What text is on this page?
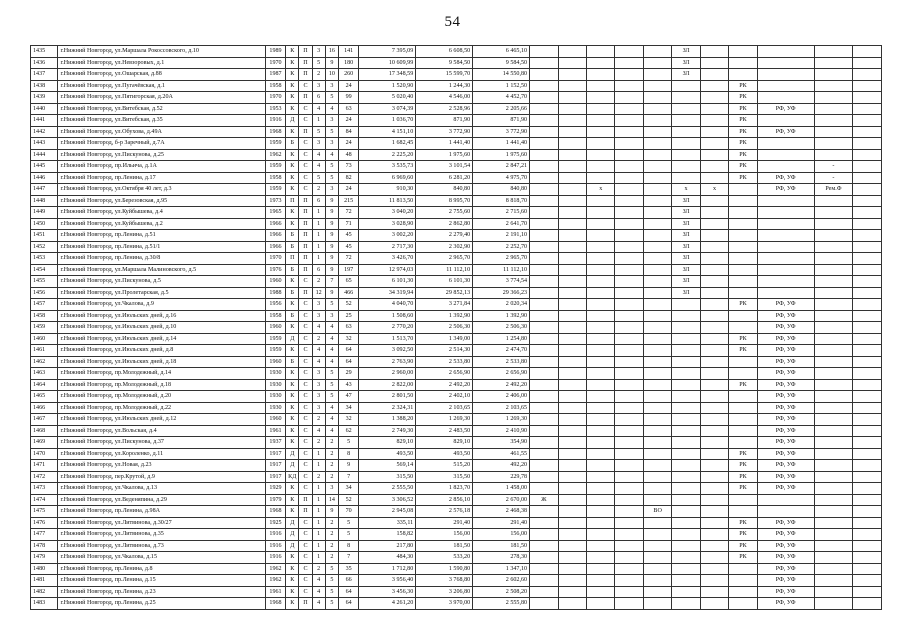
54
1435	г.Нижний Новгород, ул.Маршала Рокоссовского, д.10	1989	К	П	3	16	141	7 395,09	6 608,50	6 465,10						ЗЛ					
1436	г.Нижний Новгород, ул.Невзоровых, д.1	1970	К	П	5	9	180	10 609,99	9 584,50	9 584,50						ЗЛ					
1437	г.Нижний Новгород, ул.Ошарская, д.88	1987	К	П	2	10	260	17 348,59	15 599,70	14 550,80						ЗЛ					
1438	г.Нижний Новгород, ул.Пугачёвская, д.1	1958	К	С	3	3	24	1 520,90	1 244,30	1 152,50								РК			
1439	г.Нижний Новгород, ул.Пятигорская, д.20А	1970	К	П	6	5	99	5 020,40	4 546,00	4 452,70								РК			
1440	г.Нижний Новгород, ул.Витебская, д.52	1953	К	С	4	4	63	3 074,39	2 528,96	2 205,66								РК	РФ, УФ		
1441	г.Нижний Новгород, ул.Витебская, д.35	1916	Д	С	1	3	24	1 036,70	871,90	871,90								РК			
1442	г.Нижний Новгород, ул.Обухова, д.49А	1968	К	П	5	5	84	4 151,10	3 772,90	3 772,90								РК	РФ, УФ		
1443	г.Нижний Новгород, б-р Заречный, д.7А	1959	Б	С	3	3	24	1 682,45	1 441,40	1 441,40								РК			
1444	г.Нижний Новгород, ул.Пискунова, д.25	1962	К	С	4	4	48	2 225,20	1 975,60	1 975,60								РК			
1445	г.Нижний Новгород, пр.Ильича, д.1А	1959	К	С	4	5	73	3 535,73	3 101,54	2 847,21								РК		-	
1446	г.Нижний Новгород, пр.Ленина, д.17	1958	К	С	5	5	82	6 969,60	6 281,20	4 975,70								РК	РФ, УФ	-	
1447	г.Нижний Новгород, ул.Октября 40 лет, д.3	1959	К	С	2	3	24	910,30	840,80	840,80			х			х	х		РФ, УФ	Рем.Ф	
1448	г.Нижний Новгород, ул.Березовская, д.95	1973	П	П	6	9	215	11 813,50	8 995,70	8 818,70						ЗЛ					
1449	г.Нижний Новгород, ул.Куйбышева, д.4	1965	К	П	1	9	72	3 040,20	2 755,60	2 715,60						ЗЛ					
1450	г.Нижний Новгород, ул.Куйбышева, д.2	1966	К	П	1	9	71	3 028,90	2 862,80	2 641,70						ЗЛ					
1451	г.Нижний Новгород, пр.Ленина, д.51	1966	Б	П	1	9	45	3 002,20	2 279,40	2 191,10						ЗЛ					
1452	г.Нижний Новгород, пр.Ленина, д.51/1	1966	Б	П	1	9	45	2 717,30	2 302,90	2 252,70						ЗЛ					
1453	г.Нижний Новгород, пр.Ленина, д.30/8	1970	П	П	1	9	72	3 426,70	2 965,70	2 965,70						ЗЛ					
1454	г.Нижний Новгород, ул.Маршала Малиновского, д.5	1976	Б	П	6	9	197	12 974,03	11 112,10	11 112,10						ЗЛ					
1455	г.Нижний Новгород, ул.Пискунова, д.5	1960	К	С	2	7	65	6 101,30	6 101,30	3 774,54						ЗЛ					
1456	г.Нижний Новгород, ул.Пролетарская, д.5	1988	Б	П	12	9	466	34 319,94	29 852,13	29 366,23						ЗЛ					
1457	г.Нижний Новгород, ул.Чкалова, д.9	1956	К	С	3	5	52	4 040,70	3 271,84	2 020,34								РК	РФ, УФ		
1458	г.Нижний Новгород, ул.Июльских дней, д.16	1958	Б	С	3	3	25	1 508,60	1 392,90	1 392,90									РФ, УФ		
1459	г.Нижний Новгород, ул.Июльских дней, д.10	1960	К	С	4	4	63	2 770,20	2 506,30	2 506,30									РФ, УФ		
1460	г.Нижний Новгород, ул.Июльских дней, д.14	1959	Д	С	2	4	32	1 513,70	1 349,00	1 254,80								РК	РФ, УФ		
1461	г.Нижний Новгород, ул.Июльских дней, д.8	1959	К	С	4	4	64	3 092,50	2 514,30	2 474,70								РК	РФ, УФ		
1462	г.Нижний Новгород, ул.Июльских дней, д.18	1960	Б	С	4	4	64	2 763,90	2 533,80	2 533,80									РФ, УФ		
1463	г.Нижний Новгород, пр.Молодежный, д.14	1930	К	С	3	5	29	2 960,00	2 656,90	2 656,90									РФ, УФ		
1464	г.Нижний Новгород, пр.Молодежный, д.18	1930	К	С	3	5	43	2 822,00	2 492,20	2 492,20								РК	РФ, УФ		
1465	г.Нижний Новгород, пр.Молодежный, д.20	1930	К	С	3	5	47	2 801,50	2 402,10	2 406,00									РФ, УФ		
1466	г.Нижний Новгород, пр.Молодежный, д.22	1930	К	С	3	4	34	2 324,31	2 103,65	2 103,65									РФ, УФ		
1467	г.Нижний Новгород, ул.Июльских дней, д.12	1960	К	С	2	4	32	1 388,20	1 269,30	1 269,30									РФ, УФ		
1468	г.Нижний Новгород, ул.Вольская, д.4	1961	К	С	4	4	62	2 749,30	2 483,50	2 410,90									РФ, УФ		
1469	г.Нижний Новгород, ул.Пискунова, д.37	1937	К	С	2	2	5	829,10	829,10	354,90									РФ, УФ		
1470	г.Нижний Новгород, ул.Короленко, д.11	1917	Д	С	1	2	8	493,50	493,50	461,55								РК	РФ, УФ		
1471	г.Нижний Новгород, ул.Новая, д.23	1917	Д	С	1	2	9	569,14	515,20	492,20								РК	РФ, УФ		
1472	г.Нижний Новгород, пер.Крутой, д.9	1917	КД	С	2	2	7	315,50	315,50	229,78								РК	РФ, УФ		
1473	г.Нижний Новгород, ул.Чкалова, д.13	1929	К	С	1	3	34	2 555,50	1 823,70	1 458,00								РК	РФ, УФ		
1474	г.Нижний Новгород, ул.Веденяпина, д.29	1979	К	П	1	14	52	3 306,52	2 856,10	2 670,00	Ж										
1475	г.Нижний Новгород, пр.Ленина, д.98А	1968	К	П	1	9	70	2 945,08	2 576,18	2 468,38					ВО						
1476	г.Нижний Новгород, ул.Литвинова, д.30/27	1925	Д	С	1	2	5	335,11	291,40	291,40								РК	РФ, УФ		
1477	г.Нижний Новгород, ул.Литвинова, д.35	1916	Д	С	1	2	5	158,82	156,00	156,00								РК	РФ, УФ		
1478	г.Нижний Новгород, ул.Литвинова, д.73	1916	Д	С	1	2	8	217,80	181,50	181,50								РК	РФ, УФ		
1479	г.Нижний Новгород, ул.Чкалова, д.15	1916	К	С	1	2	7	484,30	533,20	278,30								РК	РФ, УФ		
1480	г.Нижний Новгород, пр.Ленина, д.8	1962	К	С	2	5	35	1 712,80	1 590,80	1 347,10									РФ, УФ		
1481	г.Нижний Новгород, пр.Ленина, д.15	1962	К	С	4	5	66	3 956,40	3 768,80	2 602,60									РФ, УФ		
1482	г.Нижний Новгород, пр.Ленина, д.23	1961	К	С	4	5	64	3 456,30	3 206,80	2 508,20									РФ, УФ		
1483	г.Нижний Новгород, пр.Ленина, д.25	1968	К	П	4	5	64	4 261,20	3 970,00	2 555,80									РФ, УФ		
